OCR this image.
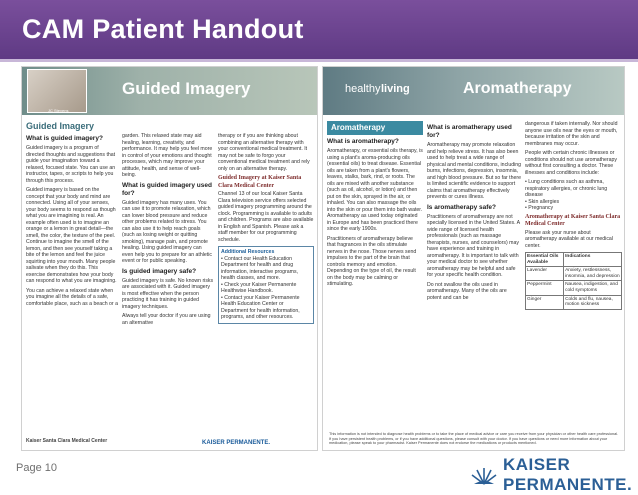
CAM Patient Handout
JC Stevens
Guided Imagery
Guided Imagery
What is guided imagery?

Guided imagery is a program of directed thoughts and suggestions that guide your imagination toward a relaxed, focused state. You can use an instructor, tapes, or scripts to help you through this process.

Guided imagery is based on the concept that your body and mind are connected. Using all of your senses, your body seems to respond as though what you are imagining is real. An example often used is to imagine an orange or a lemon in great detail—the smell, the color, the texture of the peel. Continue to imagine the smell of the lemon, and then see yourself taking a bite of the lemon and feel the juice squirting into your mouth. Many people salivate when they do this. This exercise demonstrates how your body can respond to what you are imagining.

You can achieve a relaxed state when you imagine all the details of a safe, comfortable place, such as a beach or a

garden. This relaxed state may aid healing, learning, creativity, and performance. It may help you feel more in control of your emotions and thought processes, which may improve your attitude, health, and sense of well-being.

What is guided imagery used for?

Guided imagery has many uses. You can use it to promote relaxation, which can lower blood pressure and reduce other problems related to stress. You can also use it to help reach goals (such as losing weight or quitting smoking), manage pain, and promote healing. Using guided imagery can even help you to prepare for an athletic event or for public speaking.

Is guided imagery safe?

Guided imagery is safe. No known risks are associated with it. Guided imagery is most effective when the person practicing it has training in guided imagery techniques.

Always tell your doctor if you are using an alternative

therapy or if you are thinking about combining an alternative therapy with your conventional medical treatment. It may not be safe to forgo your conventional medical treatment and rely only on an alternative therapy.

Guided Imagery at Kaiser Santa Clara Medical Center

Channel 13 of our local Kaiser Santa Clara television service offers selected guided imagery programming around the clock. Programming is available to adults and children. Programs are also available in English and Spanish. Please ask a staff member for our programming schedule.

Additional Resources
• Contact our Health Education Department for health and drug information, interactive programs, health classes, and more.
• Check your Kaiser Permanente Healthwise Handbook.
• Contact your Kaiser Permanente Health Education Center or Department for health information, programs, and other resources.
Kaiser Santa Clara Medical Center	KAISER PERMANENTE.
healthy living	Aromatherapy
Aromatherapy
What is aromatherapy?

Aromatherapy, or essential oils therapy, is using a plant's aroma-producing oils (essential oils) to treat disease. Essential oils are taken from a plant's flowers, leaves, stalks, bark, rind, or roots. The oils are mixed with another substance (such as oil, alcohol, or lotion) and then put on the skin, sprayed in the air, or inhaled. You can also massage the oils into the skin or pour them into bath water. Aromatherapy as used today originated in Europe and has been practiced there since the early 1900s.

Practitioners of aromatherapy believe that fragrances in the oils stimulate nerves in the nose. Those nerves send impulses to the part of the brain that controls memory and emotion. Depending on the type of oil, the result on the body may be calming or stimulating.

What is aromatherapy used for?

Aromatherapy may promote relaxation and help relieve stress. It has also been used to help treat a wide range of physical and mental conditions, including burns, infections, depression, insomnia, and high blood pressure. But so far there is limited scientific evidence to support claims that aromatherapy effectively prevents or cures illness.

Is aromatherapy safe?

Practitioners of aromatherapy are not specially licensed in the United States. A wide range of licensed health professionals (such as massage therapists, nurses, and counselors) may have experience and training in aromatherapy. It is important to talk with your medical doctor to see whether aromatherapy may be helpful and safe for your specific health condition.

Do not swallow the oils used in aromatherapy. Many of the oils are potent and can be

dangerous if taken internally. Nor should anyone use oils near the eyes or mouth, because irritation of the skin and membranes may occur.

People with certain chronic illnesses or conditions should not use aromatherapy without first consulting a doctor. These illnesses and conditions include:

• Lung conditions such as asthma, respiratory allergies, or chronic lung disease
• Skin allergies
• Pregnancy
Aromatherapy at Kaiser Santa Clara Medical Center

Please ask your nurse about aromatherapy available at our medical center.

Essential Oils Available	Indications
Lavender	Anxiety, restlessness, insomnia, and depression
Peppermint	Nausea, indigestion, and cold symptoms
Ginger	Colds and flu, nausea, motion sickness
This information is not intended to diagnose health problems or to take the place of medical advice or care you receive from your physician or other health care professional. If you have persistent health problems, or if you have additional questions, please consult with your doctor. If you have questions or need more information about your medication, please speak to your pharmacist. Kaiser Permanente does not endorse the medications or products mentioned.
Page 10	KAISER PERMANENTE.
